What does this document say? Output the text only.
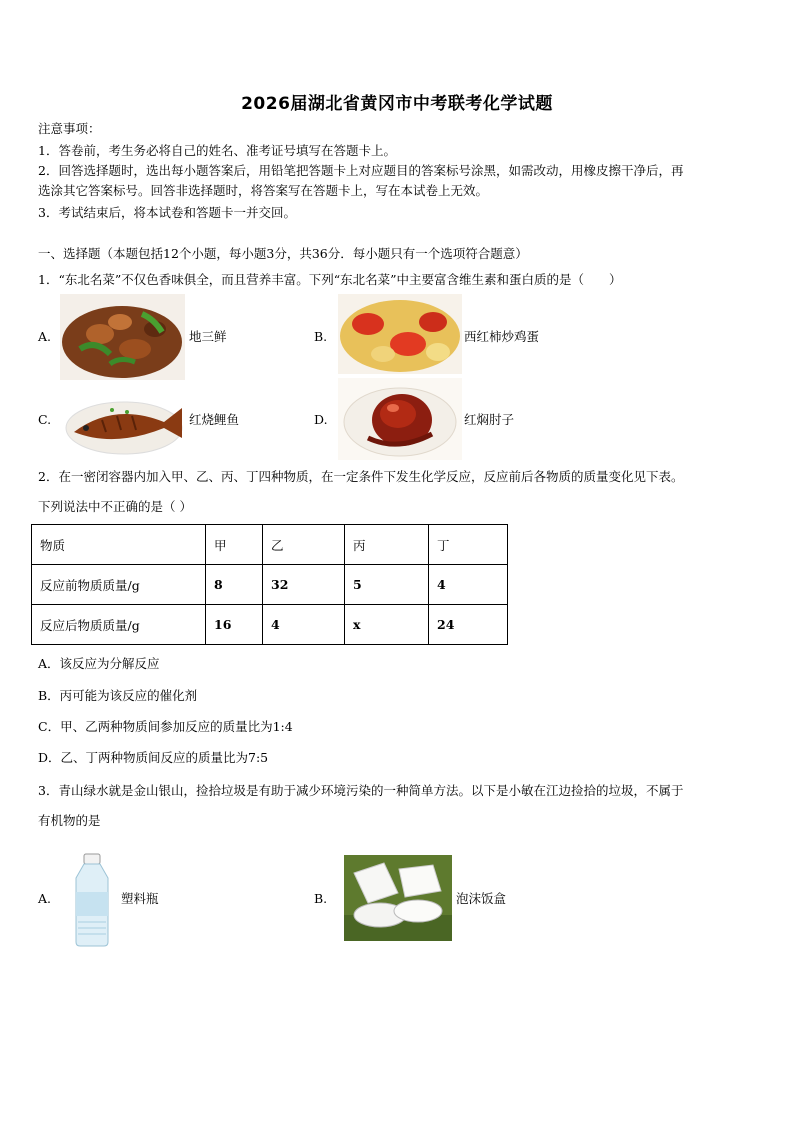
2026届湖北省黄冈市中考联考化学试题
注意事项：
1．答卷前，考生务必将自己的姓名、准考证号填写在答题卡上。
2．回答选择题时，选出每小题答案后，用铅笔把答题卡上对应题目的答案标号涂黑，如需改动，用橡皮擦干净后，再
选涂其它答案标号。回答非选择题时，将答案写在答题卡上，写在本试卷上无效。
3．考试结束后，将本试卷和答题卡一并交回。
一、选择题（本题包括12个小题，每小题3分，共36分．每小题只有一个选项符合题意）
1．“东北名菜”不仅色香味俱全，而且营养丰富。下列“东北名菜”中主要富含维生素和蛋白质的是（　　）
A.	地三鲜	B.	西红柿炒鸡蛋
C.	红烧鲤鱼	D.	红焖肘子
2．在一密闭容器内加入甲、乙、丙、丁四种物质，在一定条件下发生化学反应，反应前后各物质的质量变化见下表。
下列说法中不正确的是（ ）
物质	甲	乙	丙	丁
反应前物质质量/g	8	32	5	4
反应后物质质量/g	16	4	x	24
A．该反应为分解反应
B．丙可能为该反应的催化剂
C．甲、乙两种物质间参加反应的质量比为1:4
D．乙、丁两种物质间反应的质量比为7:5
3．青山绿水就是金山银山，捡拾垃圾是有助于减少环境污染的一种简单方法。以下是小敏在江边捡拾的垃圾，不属于
有机物的是
A.	塑料瓶	B.	泡沫饭盒
